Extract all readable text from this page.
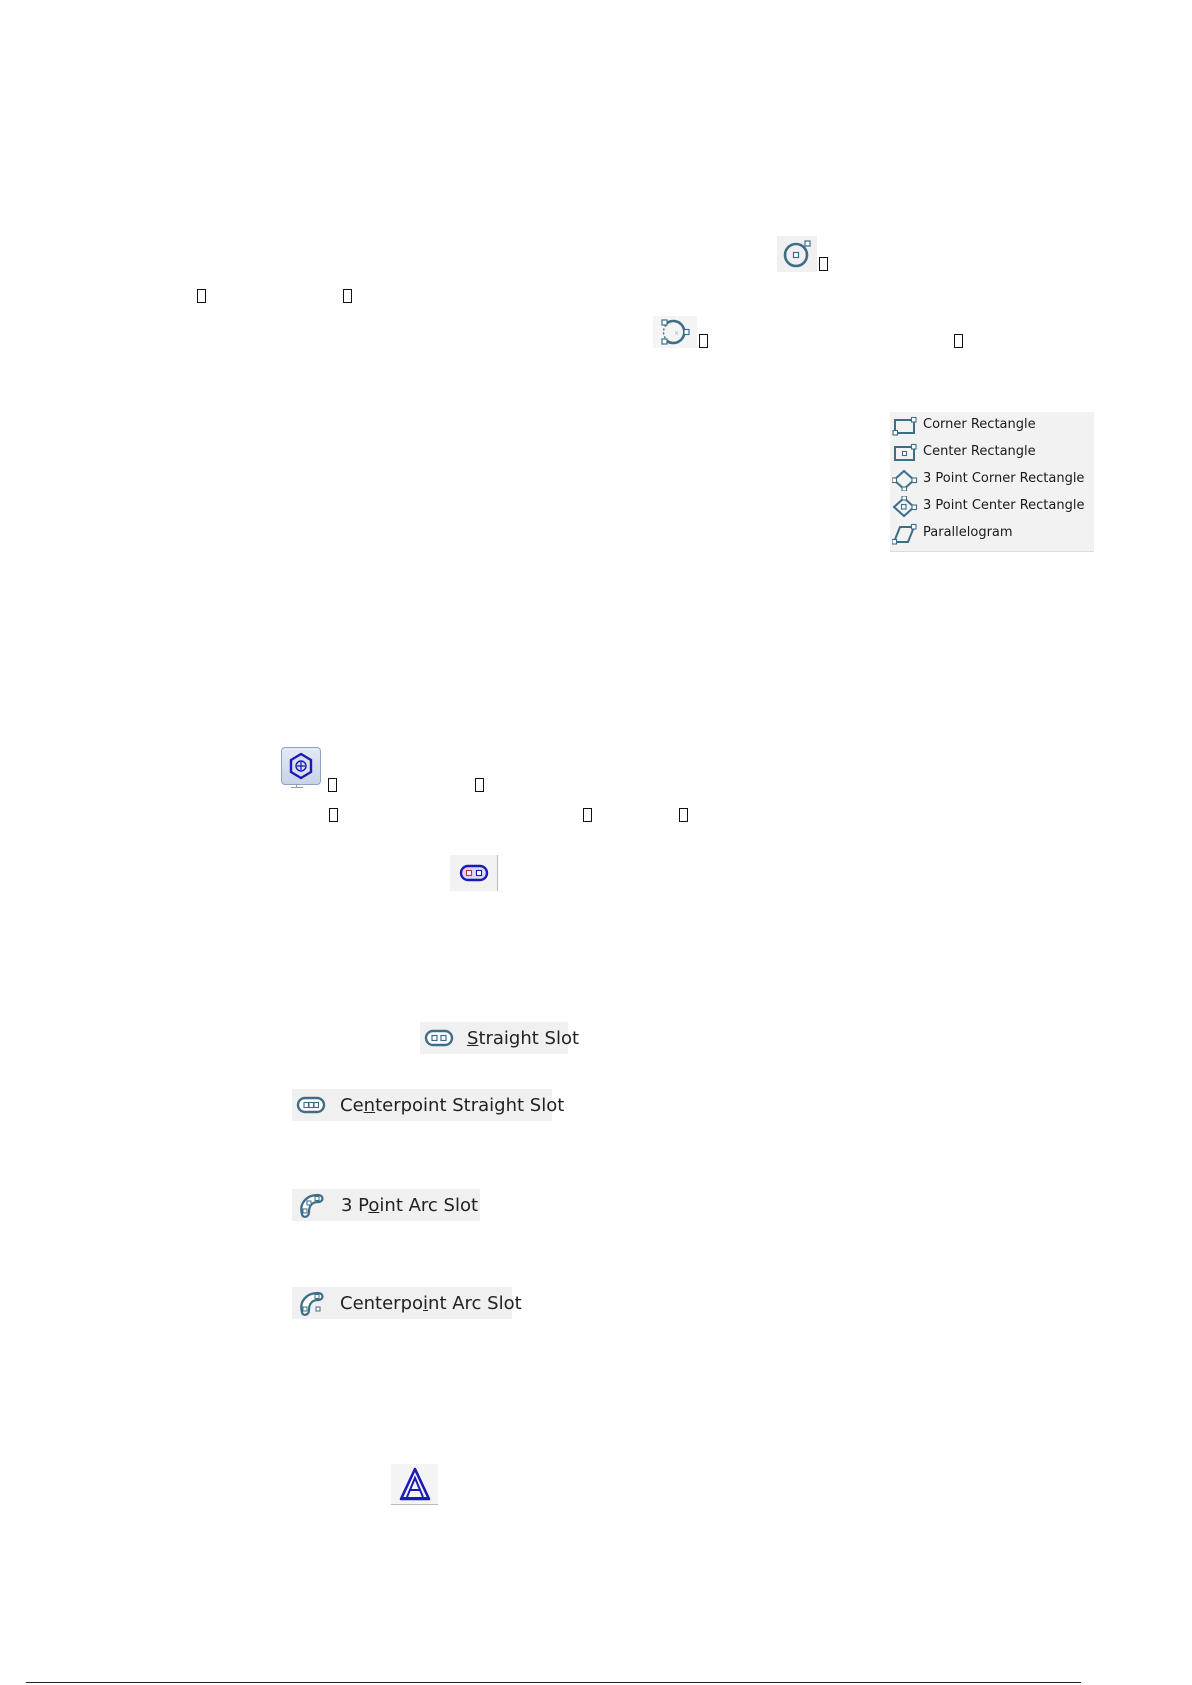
×
Corner Rectangle
Center Rectangle
3 Point Corner Rectangle
3 Point Center Rectangle
Parallelogram
Straight Slot
Centerpoint Straight Slot
3 Point Arc Slot
Centerpoint Arc Slot
